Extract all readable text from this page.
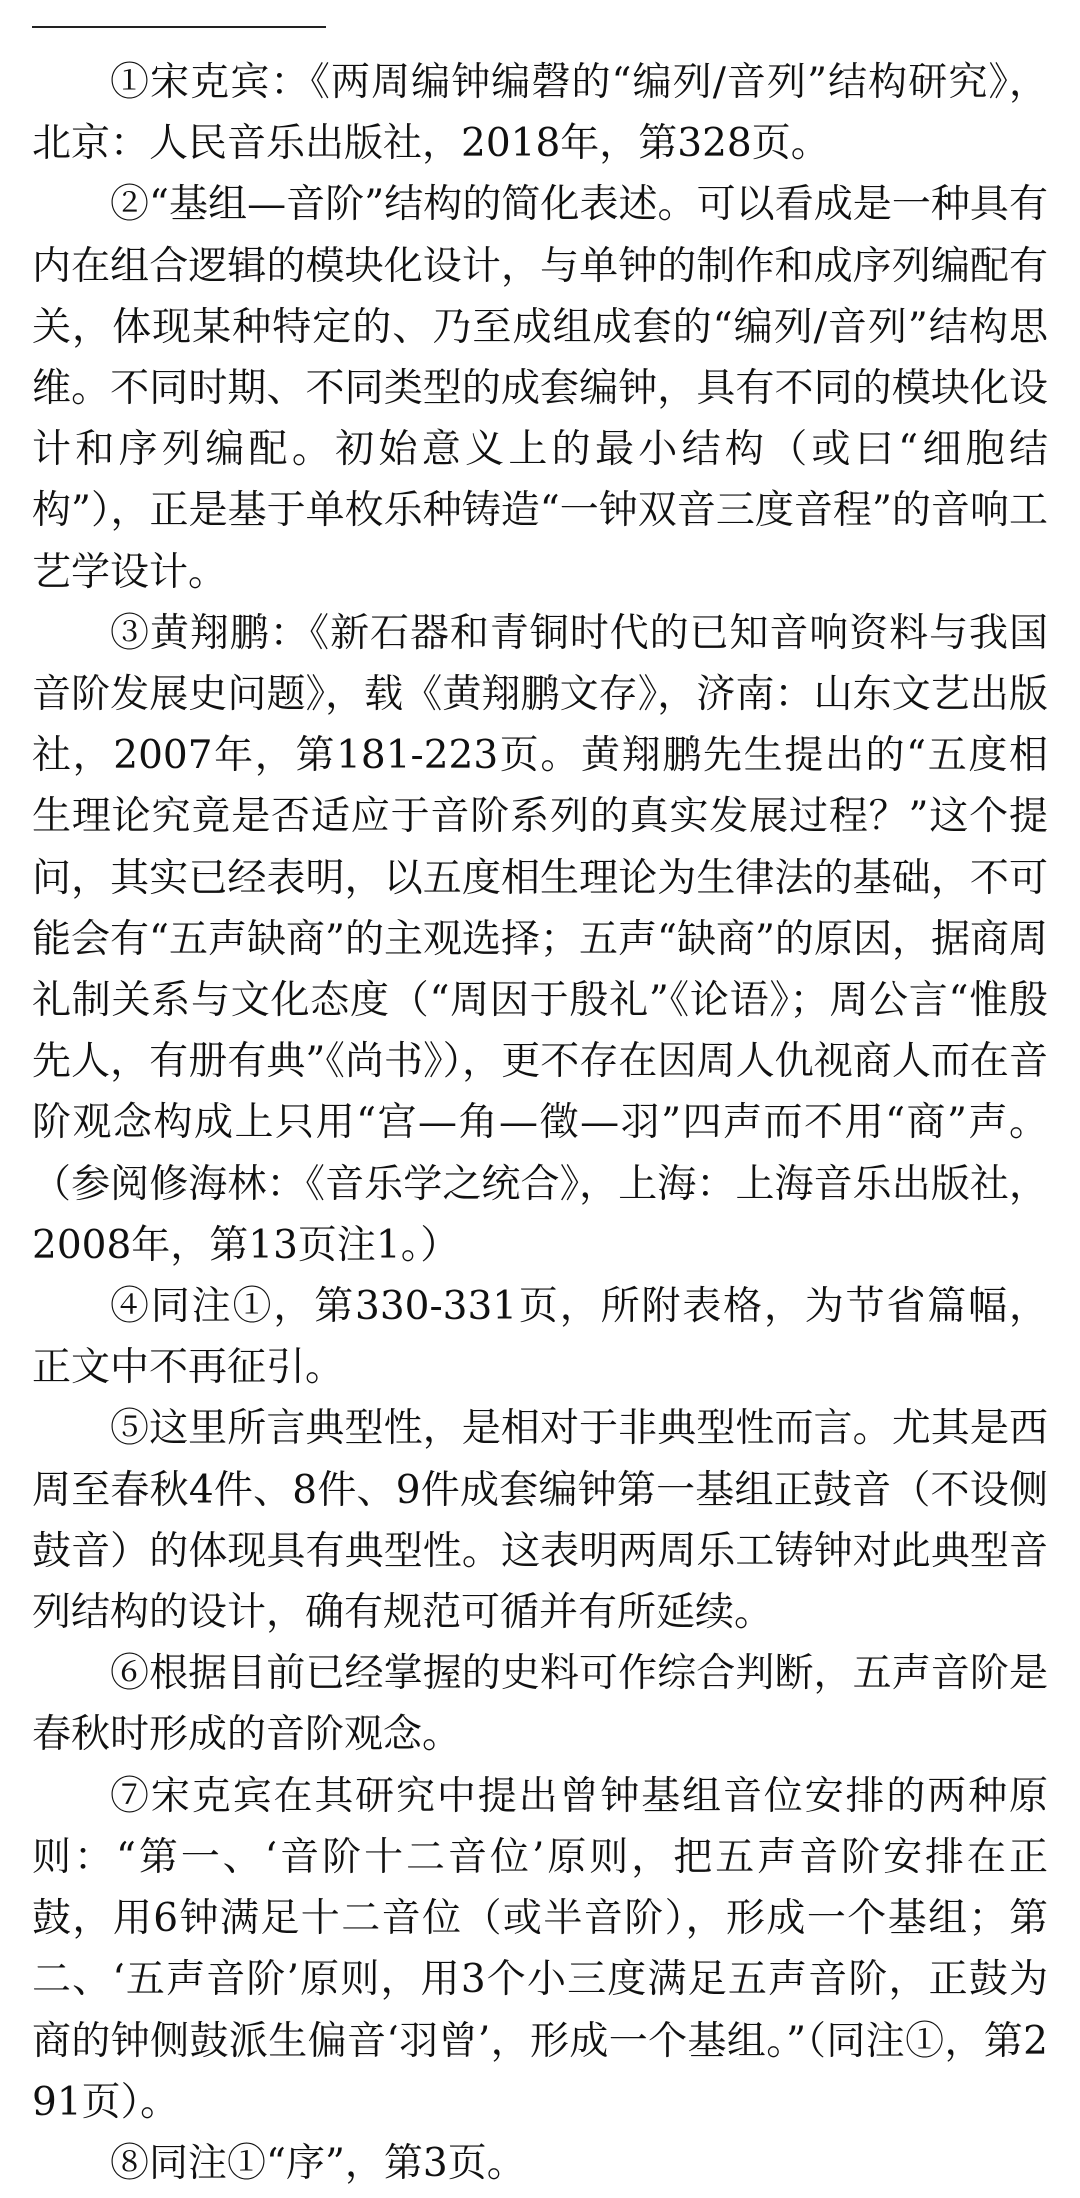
①宋克宾：《两周编钟编磬的“编列/音列”结构研究》，北京：人民音乐出版社，2018年，第328页。

②“基组—音阶”结构的简化表述。可以看成是一种具有内在组合逻辑的模块化设计，与单钟的制作和成序列编配有关，体现某种特定的、乃至成组成套的“编列/音列”结构思维。不同时期、不同类型的成套编钟，具有不同的模块化设计和序列编配。初始意义上的最小结构（或曰“细胞结构”），正是基于单枚乐种铸造“一钟双音三度音程”的音响工艺学设计。

③黄翔鹏：《新石器和青铜时代的已知音响资料与我国音阶发展史问题》，载《黄翔鹏文存》，济南：山东文艺出版社，2007年，第181-223页。黄翔鹏先生提出的“五度相生理论究竟是否适应于音阶系列的真实发展过程？”这个提问，其实已经表明，以五度相生理论为生律法的基础，不可能会有“五声缺商”的主观选择；五声“缺商”的原因，据商周礼制关系与文化态度（“周因于殷礼”《论语》；周公言“惟殷先人，有册有典”《尚书》），更不存在因周人仇视商人而在音阶观念构成上只用“宫—角—徵—羽”四声而不用“商”声。（参阅修海林：《音乐学之统合》，上海：上海音乐出版社，2008年，第13页注1。）

④同注①，第330-331页，所附表格，为节省篇幅，正文中不再征引。

⑤这里所言典型性，是相对于非典型性而言。尤其是西周至春秋4件、8件、9件成套编钟第一基组正鼓音（不设侧鼓音）的体现具有典型性。这表明两周乐工铸钟对此典型音列结构的设计，确有规范可循并有所延续。

⑥根据目前已经掌握的史料可作综合判断，五声音阶是春秋时形成的音阶观念。

⑦宋克宾在其研究中提出曾钟基组音位安排的两种原则：“第一、‘音阶十二音位’原则，把五声音阶安排在正鼓，用6钟满足十二音位（或半音阶），形成一个基组；第二、‘五声音阶’原则，用3个小三度满足五声音阶，正鼓为商的钟侧鼓派生偏音‘羽曾’，形成一个基组。”（同注①，第291页）。

⑧同注①“序”，第3页。
